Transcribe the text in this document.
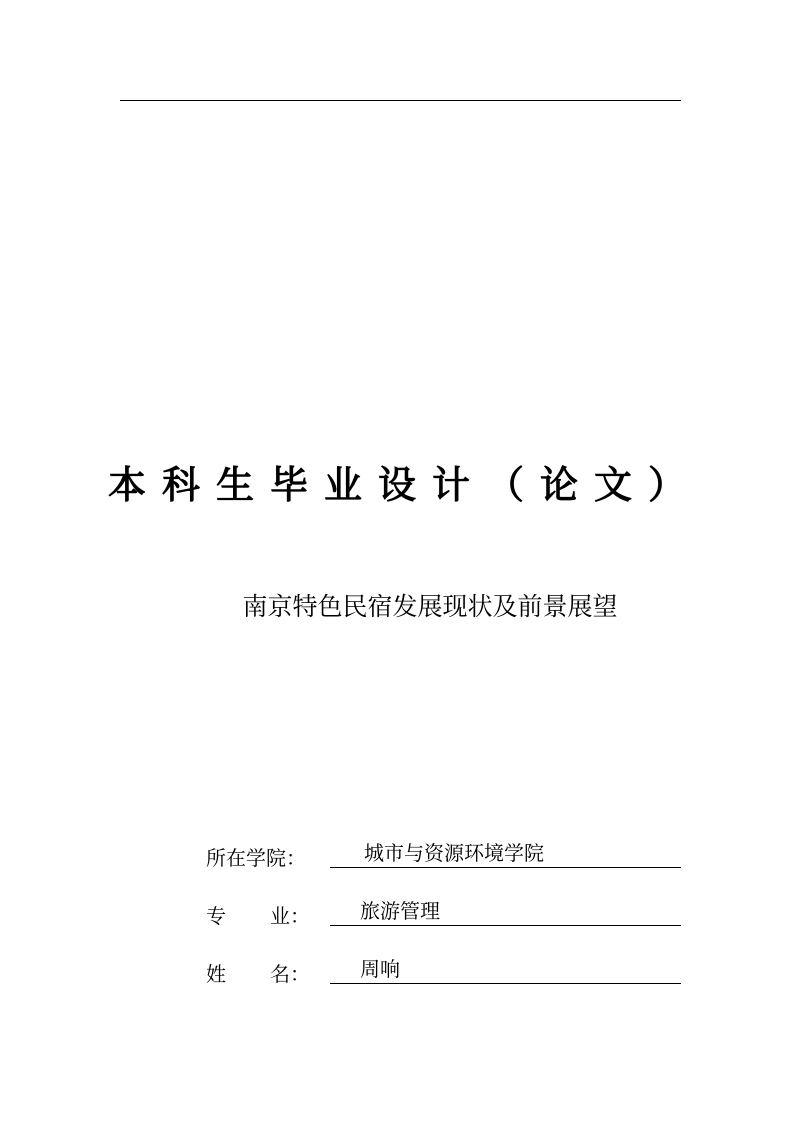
本科生毕业设计（论文）
南京特色民宿发展现状及前景展望
所在学院：	城市与资源环境学院
专 业：	旅游管理
姓 名：	周响
